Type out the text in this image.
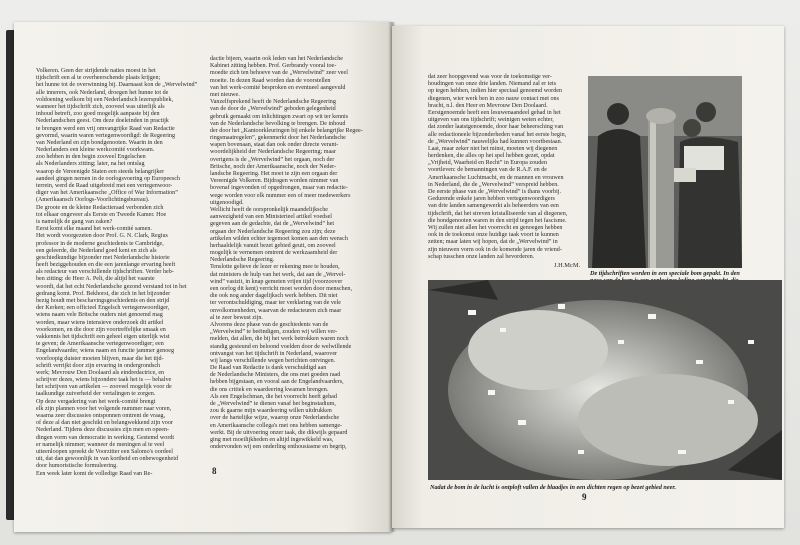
Volkeren. Geen der strijdende naties moest in het
tijdschrift een al te overheerschende plaats krijgen;
het hunne tot de overwinning bij. Daarnaast kon de „Wervelwind”
alle innerers, ook Nederland, droegen het hunne tot de
voldoening welkom bij een Nederlandsch lezerspubliek,
wanneer het tijdschrift zich, zooveel was uiterlijk als
inhoud betreft, zoo goed mogelijk aanpaste bij den
Nederlandschen geest. Om deze doeleinden in practijk
te brengen werd een vrij omvangrijke Raad van Redactie
gevormd, waarin waren vertegenwoordigd: de Regeering
van Nederland en zijn bondgenooten. Waarin in den
Nederlanders een kleine werkcomité voorkwam.
zoo hebben in den begin zooveel Engelschen
als Nederlanders zitting; later, na het ontslag
waarop de Vereenigde Staten een steeds belangrijker
aandeel gingen nemen in de oorlogsvoering op Europeesch
terrein, werd de Raad uitgebreid met een vertegenwoor-
diger van het Amerikaansche „Office of War Information”
(Amerikaansch Oorlogs-Voorlichtingsbureau).
De groote en de kleine Redactieraad verbonden zich
tot elkaar ongeveer als Eerste en Tweede Kamer. Hoe
is namelijk de gang van zaken?
Eerst komt elke maand het werk-comité samen.
Het wordt voorgezeten door Prof. G. N. Clark, Regius
professor in de moderne geschiedenis te Cambridge,
een geleerde, die Nederland goed kent en zich als
geschiedkundige bijzonder met Nederlandsche historie
heeft beziggehouden en die een jarenlange ervaring heeft
als redacteur van verschillende tijdschriften. Verder heb-
ben zitting: de Heer A. Pelt, die altijd het vaarste
woordt, dat het echt Nederlandsche gezond verstand tot in het
gedrang komt. Prof. Bekhorst, die zich in het bijzonder
bezig houdt met beschavingsgeschiedenis en den strijd
der Kerken; een officieel Engelsch vertegenwoordiger,
wiens naam vele Britsche ouders niet genoemd mag
worden, maar wiens intensieve onderzoek dit artikel
voorkomen, en die door zijn voortreffelijke smaak en
vakkennis het tijdschrift een geheel eigen uiterlijk wist
te geven; de Amerikaansche vertegenwoordiger; een
Engelandvaarder, wiens naam en functie jammer genoeg
voorloopig duister moeten blijven, maar die het tijd-
schrift verrijkt door zijn ervaring in ondergrondsch
werk; Mevrouw Den Doolaard als eindredactrice, en
schrijver dezes, wiens bijzondere taak het is — behalve
het schrijven van artikelen — zooveel mogelijk voor de
taalkundige zuiverheid der vertalingen te zorgen.
Op deze vergadering van het werk-comité brengt
elk zijn plannen voor het volgende nummer naar voren,
waarna zeer discussies ontsponnen omtrent de vraag,
of deze al dan niet geschikt en belangwekkend zijn voor
Nederland. Tijdens deze discussies zijn men en opeen-
dingen vorm van democratie in werking. Gestemd wordt
er namelijk nimmer; wanneer de meningen al te veel
uiteenloopen spreekt de Voorzitter een Salomo's oordeel
uit, dat dan gewoonlijk in van kortheid en onbewogenheid
door humoristische formuleering.
Een week later komt de volledige Raad van Re-
dactie bijeen, waarin ook leden van het Nederlandsche
Kabinet zitting hebben. Prof. Gerbrandy vooral toe-
moedte zich ten behoeve van de „Wervelwind” zeer veel
moeite. In dezen Raad worden dan de voorstellen
van het werk-comité besproken en eventueel aangevuld
met nieuwe.
Vanzelfsprekend heeft de Nederlandsche Regeering
van de door de „Wervelwind” geboden gelegenheid
gebruik gemaakt om inlichtingen zwart op wit ter kennis
van de Nederlandsche bevolking te brengen. De inhoud
der door het „Kantoorkleuringen bij enkele belangrijke Regee-
ringsmaatregelen”, gekenmerkt door het Nederlandsche
wapen bovenaan, staat dan ook onder directe verant-
woordelijkheid der Nederlandsche Regeering; maar
overigens is de „Wervelwind” het orgaan, noch der
Britsche, noch der Amerikaansche, noch der Neder-
landsche Regeering. Het moet te zijn een orgaan der
Vereenigde Volkeren. Bijdragen worden nimmer van
bovenaf ingevonden of opgedrongen, maar van redactie-
wege worden voor elk nummer een of meer medewerkers
uitgenoodigd.
Wellicht heeft de oorspronkelijk maandelijksche
aanwezigheid van een Ministerieel artikel voedsel
gegeven aan de gedachte, dat de „Wervelwind” het
orgaan der Nederlandsche Regeering zou zijn; deze
artikelen wilden echter tegemoet komen aan den wensch
herhaaldelijk vanuit bezet gebied geuit, om zooveel
mogelijk te vernemen omtrent de werkzaamheid der
Nederlandsche Regeering.
Tenslotte gelieve de lezer er rekening mee te houden,
dat ministers de hulp van het werk, dat aan de „Wervel-
wind” vastzit, in knap gemeten vrijen tijd (voorzoover
een oorlog dit kent) verricht moet worden door menschen,
die ook nog ander dagelijksch werk hebben. Dit niet
ter verontschuldiging, maar ter verklaring van de vele
onvolkomenheden, waarvan de redacteuren zich maar
al te zeer bewust zijn.
Alvorens deze phase van de geschiedenis van de
„Wervelwind” te beëindigen, zouden wij willen ver-
melden, dat allen, die bij het werk betrokken waren noch
standig gesteund en beloond voelden door de welwillende
ontvangst van het tijdschrift in Nederland, waarover
wij langs verschillende wegen berichten ontvingen.
De Raad van Redactie is dank verschuldigd aan
de Nederlandsche Ministers, die ons met goeden raad
hebben bijgestaan, en vooral aan de Engelandvaarders,
die ons critiek en waardeering kwamen brengen.
Als een Engelschman, die het voorrecht heeft gehad
de „Wervelwind” te dienen vanaf het beginstadium,
zou ik gaarne mijn waardeering willen uitdrukken
over de hartelijke wijze, waarop onze Nederlandsche
en Amerikaansche collega's met ons hebben samenge-
werkt. Bij de uitvoering onzer taak, die dikwijls gepaard
ging met moeilijkheden en altijd ingewikkeld was,
ondervonden wij een onderling enthousiasme en begrip,
8
dat zeer hoopgevend was voor de toekomstige ver-
houdingen van onze drie landen. Niemand zal er iets
op tegen hebben, indien hier speciaal genoemd worden
diegenen, wier werk ben in zoo nauw contact met ons
bracht, n.l. den Heer en Mevrouw Den Doolaard.
Eerstgenoemde heeft een lesuwenaandeel gehad in het
uitgeven van ons tijdschrift; weinigen weten echter,
dat zonder laatstgenoemde, door haar beheersching van
alle redactioneele bijzonderheden vanaf het eerste begin,
de „Wervelwind” nauwelijks had kunnen voortbestaan.
Laat, maar zeker niet het minst, moeten wij diegenen
herdenken, die alles op het spel hebben gezet, opdat
„Vrijheid, Waarheid en Recht” in Europa zouden
voortleven: de bemanningen van de R.A.F. en de
Amerikaansche Luchtmacht, en de mannen en vrouwen
in Nederland, die de „Wervelwind” verspreid hebben.
De eerste phase van de „Wervelwind” is thans voorbij.
Gedurende enkele jaren hebben vertegenwoordigers
van drie landen samengewerkt als beheerders van een
tijdschrift, dat het streven kristalliseerde van al diegenen,
die bondgenooten waren in den strijd tegen het fascisme.
Wij zullen niet allen het voorrecht en genoegen hebben
ook in de toekomst onze huidige taak voort te kunnen
zetten; maar laten wij hopen, dat de „Wervelwind” in
zijn nieuwen vorm ook in de komende jaren de vriend-
schap tusschen onze landen zal bevorderen.
J.H.McM.
De tijdschriften worden in een speciale bom gepakt. In den
Nadat de bom in de lucht is ontploft vallen de blaadjes in een dichten regen op bezet gebied neer.
9
